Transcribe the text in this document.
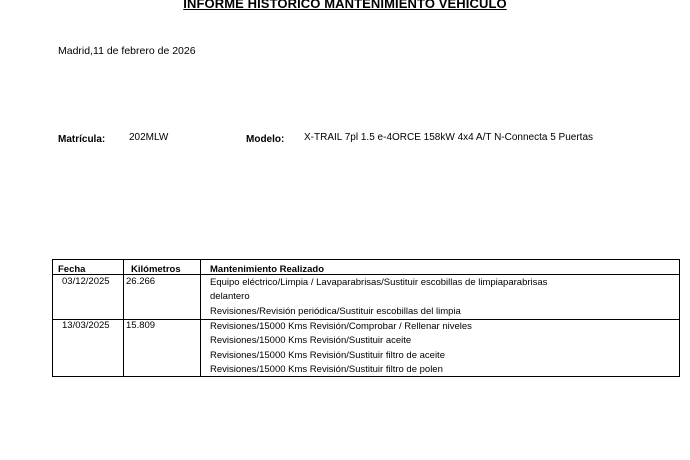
INFORME HISTORICO MANTENIMIENTO VEHICULO
Madrid,11 de febrero de 2026
Matrícula: 202MLW	Modelo: X-TRAIL 7pl 1.5 e-4ORCE 158kW 4x4 A/T N-Connecta 5 Puertas
Fecha	Kilómetros	Mantenimiento Realizado
03/12/2025 26.266	Equipo eléctrico/Limpia / Lavaparabrisas/Sustituir escobillas de limpiaparabrisas
delantero
Revisiones/Revisión periódica/Sustituir escobillas del limpia
13/03/2025 15.809	Revisiones/15000 Kms Revisión/Comprobar / Rellenar niveles
Revisiones/15000 Kms Revisión/Sustituir aceite
Revisiones/15000 Kms Revisión/Sustituir filtro de aceite
Revisiones/15000 Kms Revisión/Sustituir filtro de polen
